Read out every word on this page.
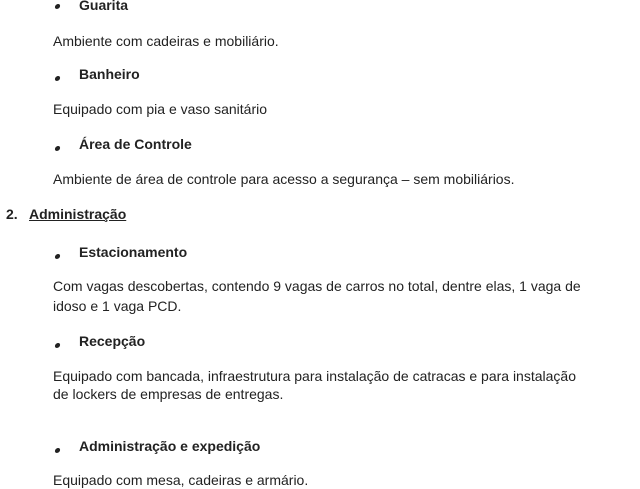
Guarita
Ambiente com cadeiras e mobiliário.
Banheiro
Equipado com pia e vaso sanitário
Área de Controle
Ambiente de área de controle para acesso a segurança – sem mobiliários.
2. Administração
Estacionamento
Com vagas descobertas, contendo 9 vagas de carros no total, dentre elas, 1 vaga de
idoso e 1 vaga PCD.
Recepção
Equipado com bancada, infraestrutura para instalação de catracas e para instalação
de lockers de empresas de entregas.
Administração e expedição
Equipado com mesa, cadeiras e armário.
